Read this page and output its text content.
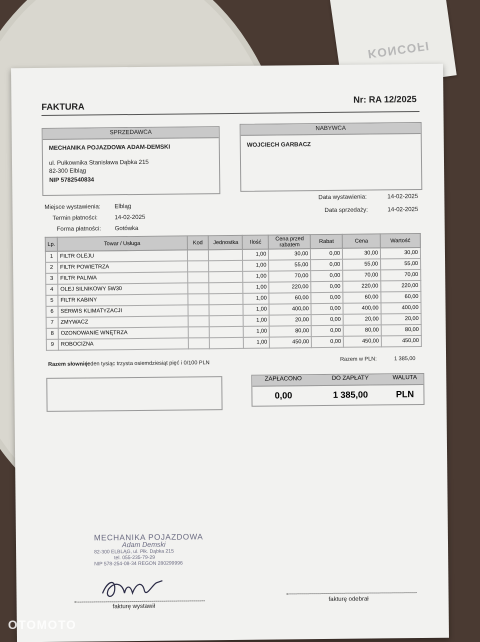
KONCOFI
FAKTURA
Nr: RA 12/2025
SPRZEDAWCA
MECHANIKA POJAZDOWA ADAM-DEMSKI
ul. Pułkownika Stanisława Dąbka 215
82-300 Elbląg
NIP 5782540834
NABYWCA
WOJCIECH GARBACZ
Miejsce wystawienia: Elbląg
Termin płatności:	14-02-2025
Forma płatności: Gotówka
Data wystawienia:	14-02-2025
Data sprzedaży:	14-02-2025
Lp.	Towar / Usługa	Kod	Jednostka	Ilość	Cena przed rabatem	Rabat	Cena	Wartość
1	FILTR OLEJU			1,00	30,00	0,00	30,00	30,00
2	FILTR POWIETRZA			1,00	55,00	0,00	55,00	55,00
3	FILTR PALIWA			1,00	70,00	0,00	70,00	70,00
4	OLEJ SILNIKOWY 5W30			1,00	220,00	0,00	220,00	220,00
5	FILTR KABINY			1,00	60,00	0,00	60,00	60,00
6	SERWIS KLIMATYZACJI			1,00	400,00	0,00	400,00	400,00
7	ZMYWACZ			1,00	20,00	0,00	20,00	20,00
8	OZONOWANIE WNĘTRZA			1,00	80,00	0,00	80,00	80,00
9	ROBOCIZNA			1,00	450,00	0,00	450,00	450,00
Razem słownie:
jeden tysiąc trzysta osiemdziesiąt pięć i 0/100 PLN
Razem w PLN:	1 385,00
ZAPŁACONO	DO ZAPŁATY	WALUTA
0,00	1 385,00	PLN
MECHANIKA POJAZDOWA
Adam Demski
82-300 ELBLĄG, ul. Płk. Dąbka 215
tel. 055-235-79-29
NIP 578-254-08-34 REGON 280299996
fakturę wystawił
fakturę odebrał
OTOMOTO
